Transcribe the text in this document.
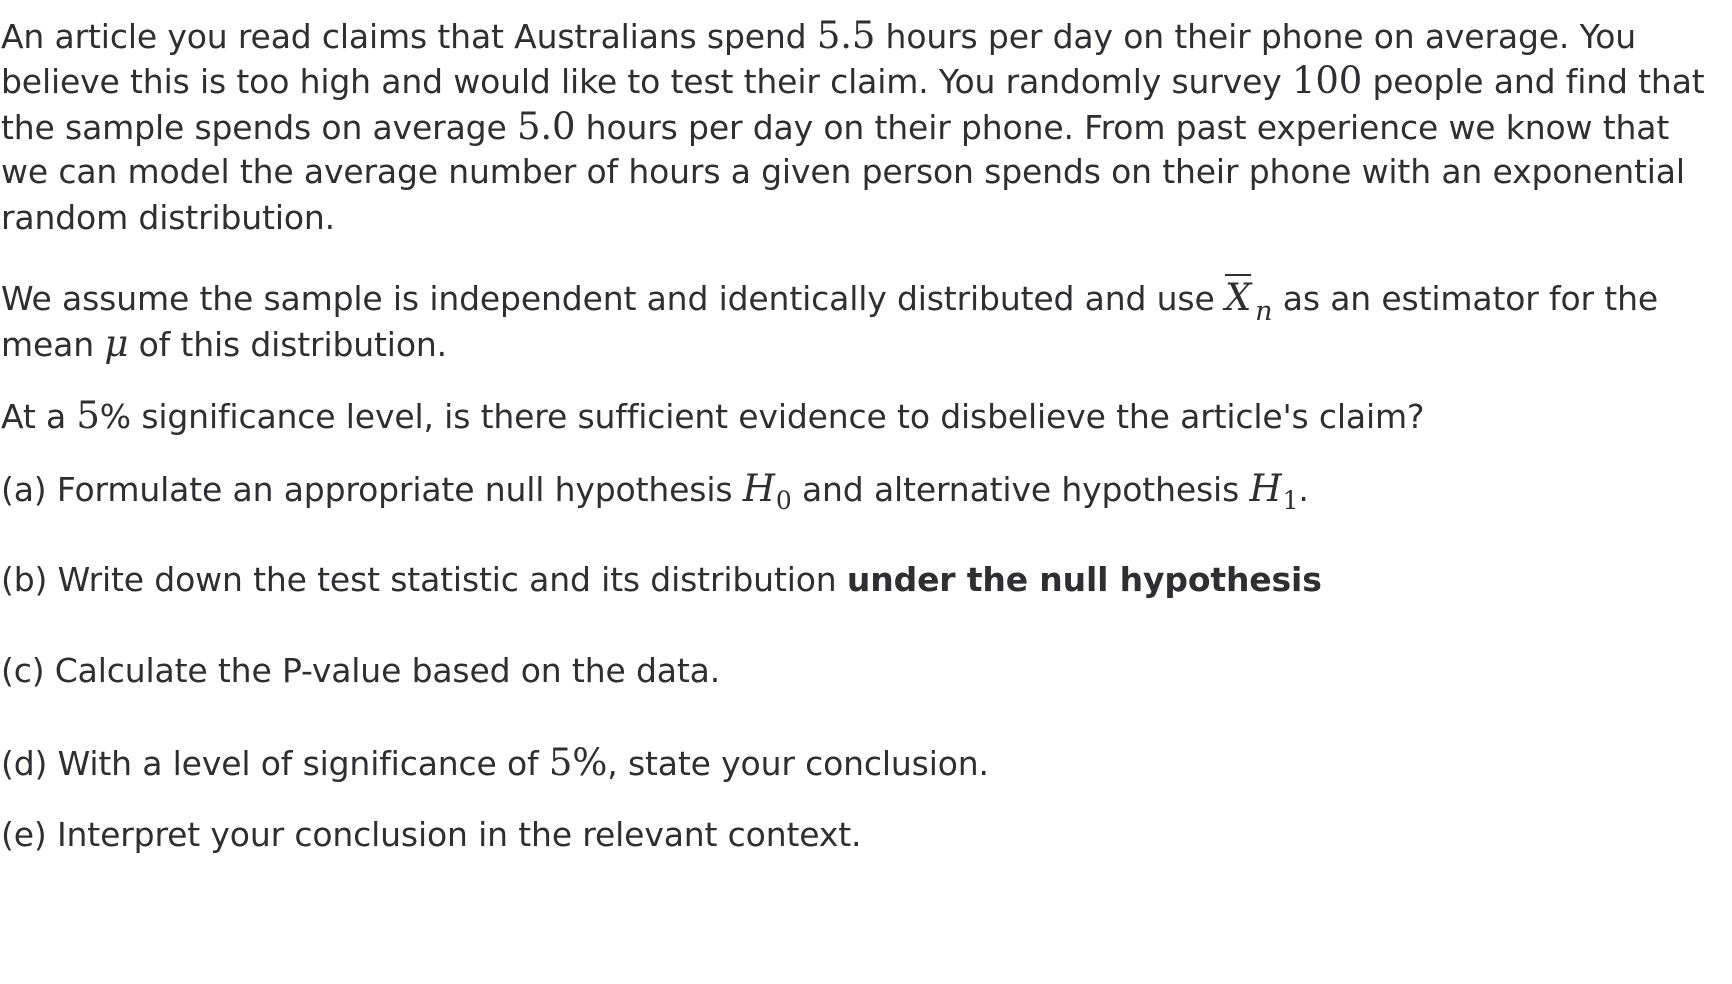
An article you read claims that Australians spend 5.5 hours per day on their phone on average. You

believe this is too high and would like to test their claim. You randomly survey 100 people and find that

the sample spends on average 5.0 hours per day on their phone. From past experience we know that

we can model the average number of hours a given person spends on their phone with an exponential

random distribution.

We assume the sample is independent and identically distributed and use $\overline{X}$ $_n$ as an estimator for the

mean μ of this distribution.

At a 5% significance level, is there sufficient evidence to disbelieve the article's claim?

(a) Formulate an appropriate null hypothesis $H_0$ and alternative hypothesis $H_1$.

(b) Write down the test statistic and its distribution under the null hypothesis

(c) Calculate the P-value based on the data.

(d) With a level of significance of 5%, state your conclusion.

(e) Interpret your conclusion in the relevant context.
